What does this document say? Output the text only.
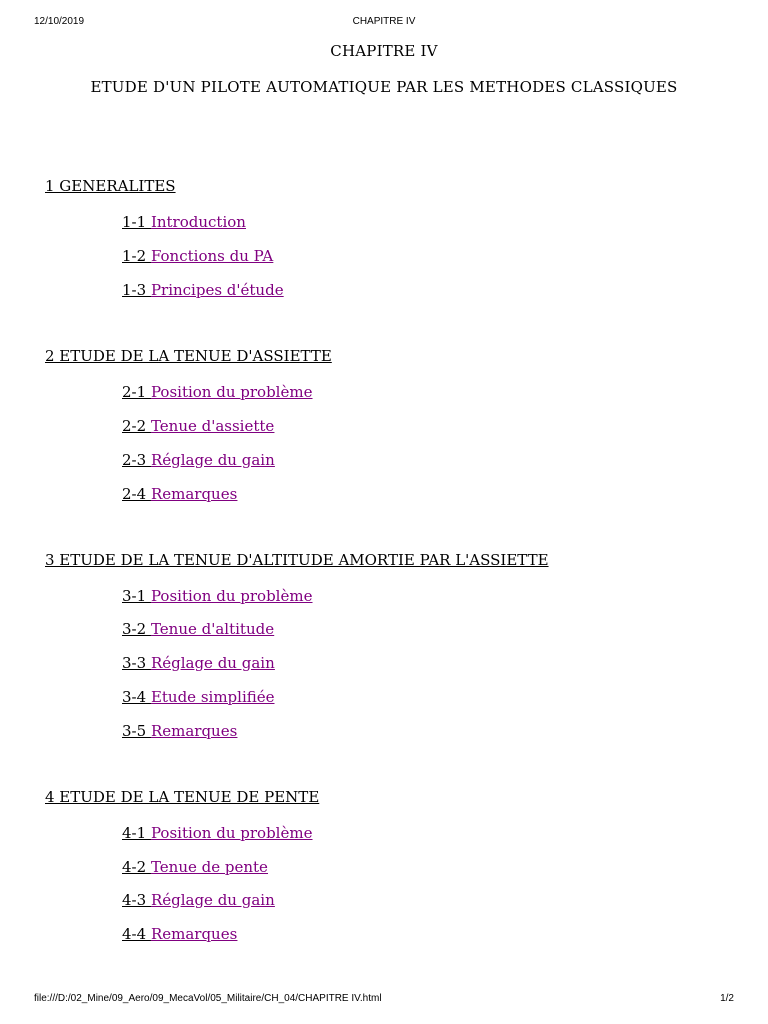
12/10/2019	CHAPITRE IV
CHAPITRE IV
ETUDE D'UN PILOTE AUTOMATIQUE PAR LES METHODES CLASSIQUES
1 GENERALITES
1-1 Introduction
1-2 Fonctions du PA
1-3 Principes d'étude
2 ETUDE DE LA TENUE D'ASSIETTE
2-1 Position du problème
2-2 Tenue d'assiette
2-3 Réglage du gain
2-4 Remarques
3 ETUDE DE LA TENUE D'ALTITUDE AMORTIE PAR L'ASSIETTE
3-1 Position du problème
3-2 Tenue d'altitude
3-3 Réglage du gain
3-4 Etude simplifiée
3-5 Remarques
4 ETUDE DE LA TENUE DE PENTE
4-1 Position du problème
4-2 Tenue de pente
4-3 Réglage du gain
4-4 Remarques
file:///D:/02_Mine/09_Aero/09_MecaVol/05_Militaire/CH_04/CHAPITRE IV.html	1/2
